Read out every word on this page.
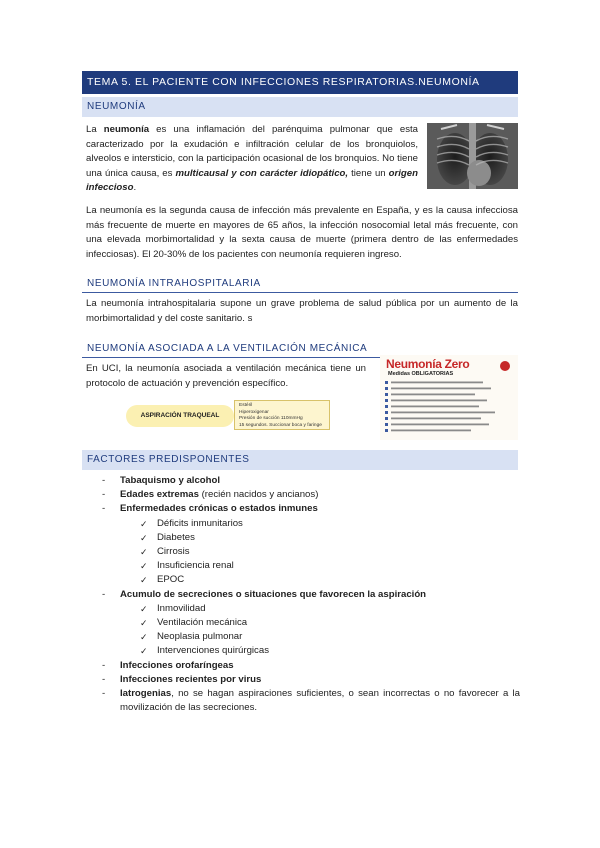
TEMA 5. EL PACIENTE CON INFECCIONES RESPIRATORIAS.NEUMONÍA
NEUMONÍA
La neumonía es una inflamación del parénquima pulmonar que esta caracterizado por la exudación e infiltración celular de los bronquiolos, alveolos e intersticio, con la participación ocasional de los bronquios. No tiene una única causa, es multicausal y con carácter idiopático, tiene un origen infeccioso.
La neumonía es la segunda causa de infección más prevalente en España, y es la causa infecciosa más frecuente de muerte en mayores de 65 años, la infección nosocomial letal más frecuente, con una elevada morbimortalidad y la sexta causa de muerte (primera dentro de las enfermedades infecciosas). El 20-30% de los pacientes con neumonía requieren ingreso.
NEUMONÍA INTRAHOSPITALARIA
La neumonía intrahospitalaria supone un grave problema de salud pública por un aumento de la morbimortalidad y del coste sanitario. s
NEUMONÍA ASOCIADA A LA VENTILACIÓN MECÁNICA
En UCI, la neumonía asociada a ventilación mecánica tiene un protocolo de actuación y prevención específico.
ASPIRACIÓN TRAQUEAL
Estéril
Hiperoxigenar
Presión de succión 110mmHg
15 segundos. Succionar boca y faringe
Neumonía Zero
Medidas OBLIGATORIAS
FACTORES PREDISPONENTES
- Tabaquismo y alcohol
- Edades extremas (recién nacidos y ancianos)
- Enfermedades crónicas o estados inmunes
✓ Déficits inmunitarios
✓ Diabetes
✓ Cirrosis
✓ Insuficiencia renal
✓ EPOC
- Acumulo de secreciones o situaciones que favorecen la aspiración
✓ Inmovilidad
✓ Ventilación mecánica
✓ Neoplasia pulmonar
✓ Intervenciones quirúrgicas
- Infecciones orofaríngeas
- Infecciones recientes por virus
- Iatrogenias, no se hagan aspiraciones suficientes, o sean incorrectas o no favorecer a la movilización de las secreciones.
